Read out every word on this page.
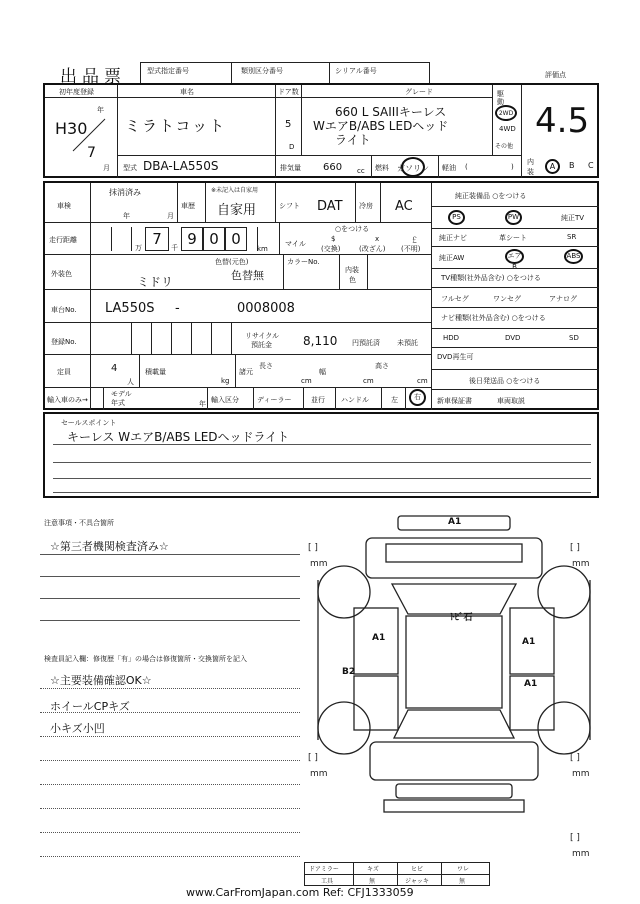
出品票	型式指定番号	類別区分番号	シリアル番号	評価点
初年度登録
年
H30
7
月
車名
ミラトコット
ドア数
5
D
グレード
660 L SAIIIキーレス
WエアB/ABS LEDヘッド
ライト
駆
動
2WD
4WD
その他
4.5
型式 DBA-LA550S	排気量 660 cc 燃料 ガソリン 軽油 (	)
内
装
A	B C
車検
抹消済み
年	月
車歴
※未記入は自家用
自家用	シフト DAT 冷房 AC
走行距離
万 7	千 9 0 0
km
マイル
○をつける
$
(交換)
x
(改ざん)
￡
(不明)
外装色
ミドリ
色替(元色)
色替無
カラーNo.
内装
色
車台No. LA550S -	0008008
登録No.
リサイクル
預託金	8,110 円預託済 未預託
定員	4
人
積載量
kg
諸元
長さ
cm
幅
cm
高さ
cm
輸入車のみ→
モデル
年式	年 輸入区分	ディーラー	並行 ハンドル	左	右
純正装備品 ○をつける
PS	PW	純正TV
純正ナビ	革シート	SR
純正AW	エアB
ABS
TV種類(社外品含む) ○をつける
フルセグ	ワンセグ	アナログ
ナビ種類(社外品含む) ○をつける
HDD	DVD	SD
DVD再生可
後日発送品 ○をつける
新車保証書	車両取説
セールスポイント
キーレス WエアB/ABS LEDヘッドライト
注意事項・不具合箇所
☆第三者機関検査済み☆
検査員記入欄：修復歴「有」の場合は修復箇所・交換箇所を記入
☆主要装備確認OK☆
ホイールCPキズ
小キズ小凹
[ ]
mm
[ ]
mm
[ ]
mm
[ ]
mm
[ ]
mm
A1
ﾄﾋﾞ石
A1	A1
B2
A1
ドアミラー	キズ	ヒビ	ワレ
工具	無	ジャッキ	無
www.CarFromJapan.com Ref: CFJ1333059
